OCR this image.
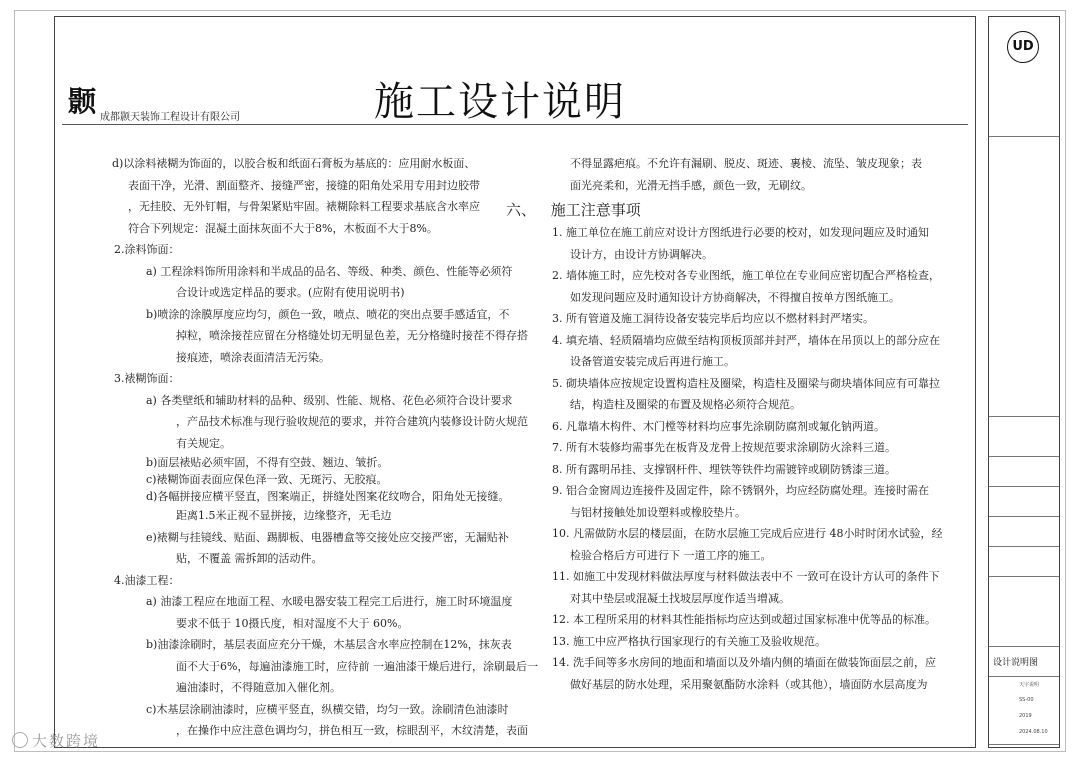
颢 成都颢天装饰工程设计有限公司	施工设计说明

d)以涂料裱糊为饰面的，以胶合板和纸面石膏板为基底的：应用耐水板面、

表面干净，光滑、割面整齐、接缝严密，接缝的阳角处采用专用封边胶带

，无挂胶、无外钉帽，与骨架紧贴牢固。裱糊除料工程要求基底含水率应

符合下列规定：混凝土面抹灰面不大于8%，木板面不大于8%。

2.涂料饰面：

a) 工程涂料饰所用涂料和半成品的品名、等级、种类、颜色、性能等必须符

合设计或选定样品的要求。(应附有使用说明书)

b)喷涂的涂膜厚度应均匀，颜色一致，喷点、喷花的突出点要手感适宜，不

掉粒，喷涂接茬应留在分格缝处切无明显色差，无分格缝时接茬不得存搭

接痕迹，喷涂表面清洁无污染。

3.裱糊饰面：

a) 各类壁纸和辅助材料的品种、级别、性能、规格、花色必须符合设计要求

，产品技术标准与现行验收规范的要求，并符合建筑内装修设计防火规范

有关规定。

b)面层裱贴必须牢固，不得有空鼓、翘边、皱折。

c)裱糊饰面表面应保色泽一致、无斑污、无胶痕。

d)各幅拼接应横平竖直，图案端正，拼缝处图案花纹吻合，阳角处无接缝。

距离1.5米正视不显拼接，边缘整齐，无毛边

e)裱糊与挂镜线、贴面、踢脚板、电器槽盒等交接处应交接严密，无漏贴补

贴，不覆盖 需拆卸的活动件。

4.油漆工程：

a) 油漆工程应在地面工程、水暖电器安装工程完工后进行，施工时环境温度

要求不低于 10摄氏度，相对湿度不大于 60%。

b)油漆涂刷时，基层表面应充分干燥，木基层含水率应控制在12%，抹灰表

面不大于6%，每遍油漆施工时，应待前 一遍油漆干燥后进行，涂刷最后一

遍油漆时，不得随意加入催化剂。

c)木基层涂刷油漆时，应横平竖直，纵横交错，均匀一致。涂刷清色油漆时

，在操作中应注意色调均匀，拼色相互一致，棕眼刮平，木纹清楚，表面

不得显露疤痕。不允许有漏刷、脱皮、斑迹、裹棱、流坠、皱皮现象；表

面光亮柔和，光滑无挡手感，颜色一致，无刷纹。

六、 施工注意事项

1. 施工单位在施工前应对设计方图纸进行必要的校对，如发现问题应及时通知

设计方，由设计方协调解决。

2. 墙体施工时，应先校对各专业图纸，施工单位在专业间应密切配合严格检查，

如发现问题应及时通知设计方协商解决，不得擅自按单方图纸施工。

3. 所有管道及施工洞待设备安装完毕后均应以不燃材料封严堵实。

4. 填充墙、轻质隔墙均应做至结构顶板顶部并封严，墙体在吊顶以上的部分应在

设备管道安装完成后再进行施工。

5. 砌块墙体应按规定设置构造柱及圈梁，构造柱及圈梁与砌块墙体间应有可靠拉

结，构造柱及圈梁的布置及规格必须符合规范。

6. 凡靠墙木构件、木门樘等材料均应事先涂刷防腐剂或氟化钠两道。

7. 所有木装修均需事先在板背及龙骨上按规范要求涂刷防火涂料三道。

8. 所有露明吊挂、支撑钢杆件、埋铁等铁件均需镀锌或刷防锈漆三道。

9. 铝合金窗周边连接件及固定件，除不锈钢外，均应经防腐处理。连接时需在

与铝材接触处加设塑料或橡胶垫片。

10. 凡需做防水层的楼层面，在防水层施工完成后应进行 48小时时闭水试验，经

检验合格后方可进行下 一道工序的施工。

11. 如施工中发现材料做法厚度与材料做法表中不 一致可在设计方认可的条件下

对其中垫层或混凝土找坡层厚度作适当增减。

12. 本工程所采用的材料其性能指标均应达到或超过国家标准中优等品的标准。

13. 施工中应严格执行国家现行的有关施工及验收规范。

14. 洗手间等多水房间的地面和墙面以及外墙内侧的墙面在做装饰面层之前，应

做好基层的防水处理，采用聚氨酯防水涂料（或其他），墙面防水层高度为

UD
设计说明图
天宇说明
SS-00
2019
2024.08.10
大数跨境
